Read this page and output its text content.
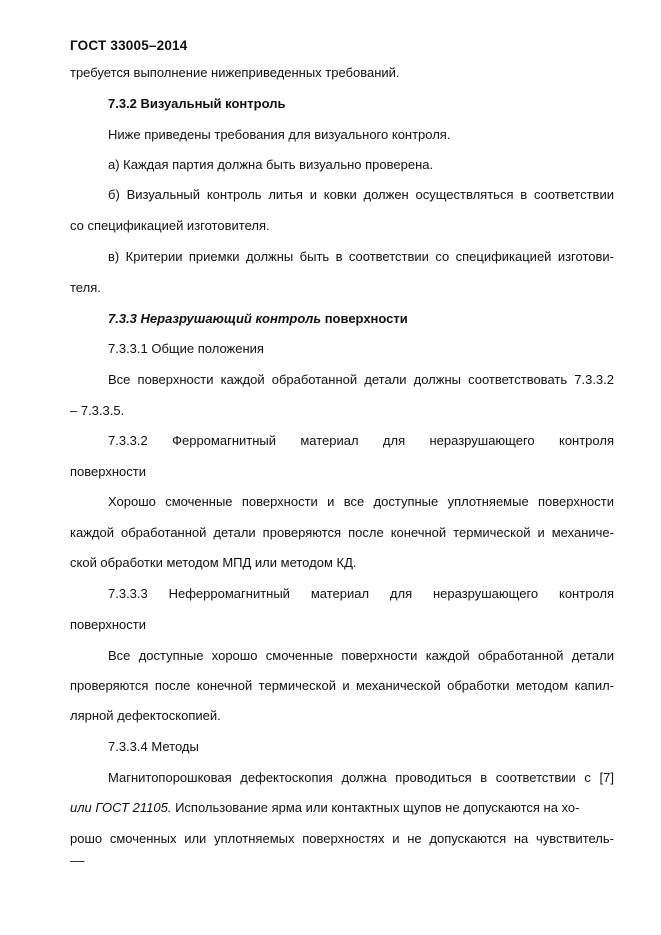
ГОСТ 33005–2014
требуется выполнение нижеприведенных требований.
7.3.2 Визуальный контроль
Ниже приведены требования для визуального контроля.
а) Каждая партия должна быть визуально проверена.
б) Визуальный контроль литья и ковки должен осуществляться в соответствии
со спецификацией изготовителя.
в) Критерии приемки должны быть в соответствии со спецификацией изготови-
теля.
7.3.3 Неразрушающий контроль поверхности
7.3.3.1 Общие положения
Все поверхности каждой обработанной детали должны соответствовать 7.3.3.2
– 7.3.3.5.
7.3.3.2 Ферромагнитный материал для неразрушающего контроля
поверхности
Хорошо смоченные поверхности и все доступные уплотняемые поверхности
каждой обработанной детали проверяются после конечной термической и механиче-
ской обработки методом МПД или методом КД.
7.3.3.3 Неферромагнитный материал для неразрушающего контроля
поверхности
Все доступные хорошо смоченные поверхности каждой обработанной детали
проверяются после конечной термической и механической обработки методом капил-
лярной дефектоскопией.
7.3.3.4 Методы
Магнитопорошковая дефектоскопия должна проводиться в соответствии с [7]
или ГОСТ 21105. Использование ярма или контактных щупов не допускаются на хо-
рошо смоченных или уплотняемых поверхностях и не допускаются на чувствитель-
––
